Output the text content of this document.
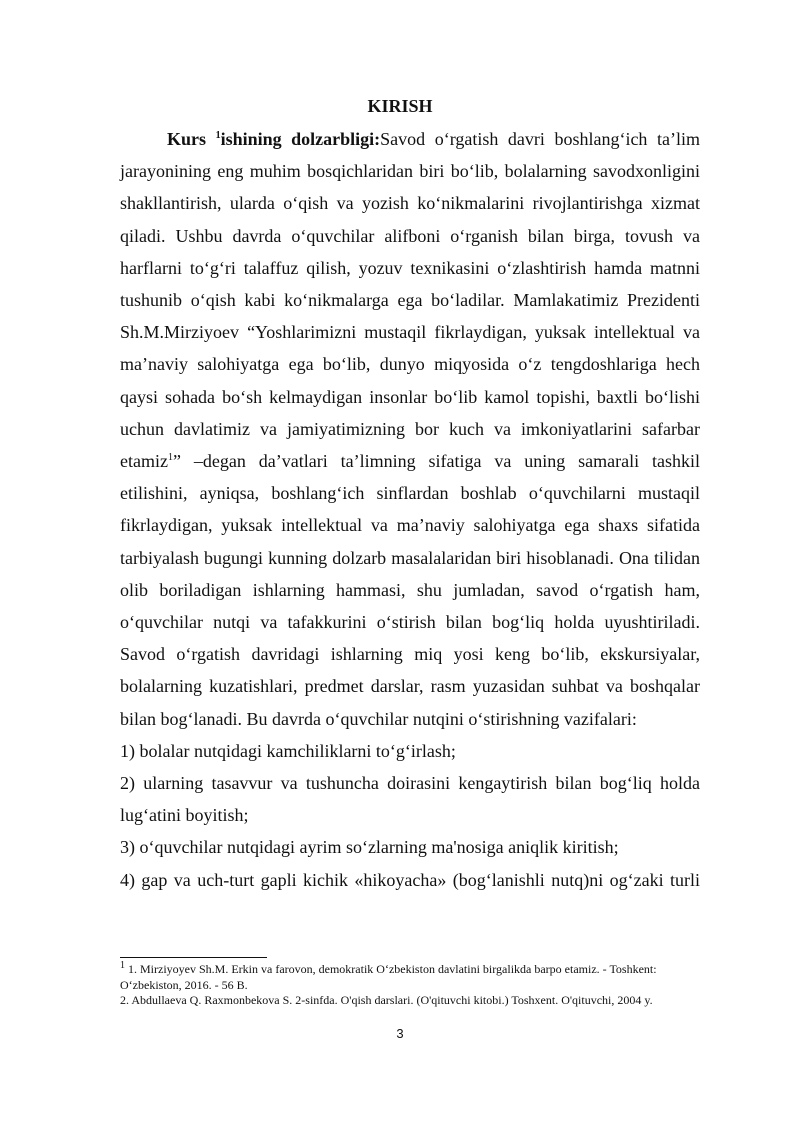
KIRISH

Kurs $^1$ishining dolzarbligi:Savod o‘rgatish davri boshlang‘ich ta’lim jarayonining eng muhim bosqichlaridan biri bo‘lib, bolalarning savodxonligini shakllantirish, ularda o‘qish va yozish ko‘nikmalarini rivojlantirishga xizmat qiladi. Ushbu davrda o‘quvchilar alifboni o‘rganish bilan birga, tovush va harflarni to‘g‘ri talaffuz qilish, yozuv texnikasini o‘zlashtirish hamda matnni tushunib o‘qish kabi ko‘nikmalarga ega bo‘ladilar. Mamlakatimiz Prezidenti Sh.M.Mirziyoev “Yoshlarimizni mustaqil fikrlaydigan, yuksak intellektual va ma’naviy salohiyatga ega bo‘lib, dunyo miqyosida o‘z tengdoshlariga hech qaysi sohada bo‘sh kelmaydigan insonlar bo‘lib kamol topishi, baxtli bo‘lishi uchun davlatimiz va jamiyatimizning bor kuch va imkoniyatlarini safarbar etamiz$^1$” –degan da’vatlari ta’limning sifatiga va uning samarali tashkil etilishini, ayniqsa, boshlang‘ich sinflardan boshlab o‘quvchilarni mustaqil fikrlaydigan, yuksak intellektual va ma’naviy salohiyatga ega shaxs sifatida tarbiyalash bugungi kunning dolzarb masalalaridan biri hisoblanadi. Ona tilidan olib boriladigan ishlarning hammasi, shu jumladan, savod o‘rgatish ham, o‘quvchilar nutqi va tafakkurini o‘stirish bilan bog‘liq holda uyushtiriladi. Savod o‘rgatish davridagi ishlarning miq yosi keng bo‘lib, ekskursiyalar, bolalarning kuzatishlari, predmet darslar, rasm yuzasidan suhbat va boshqalar bilan bog‘lanadi. Bu davrda o‘quvchilar nutqini o‘stirishning vazifalari:

1) bolalar nutqidagi kamchiliklarni to‘g‘irlash;

2) ularning tasavvur va tushuncha doirasini kengaytirish bilan bog‘liq holda lug‘atini boyitish;

3) o‘quvchilar nutqidagi ayrim so‘zlarning ma'nosiga aniqlik kiritish;

4) gap va uch-turt gapli kichik «hikoyacha» (bog‘lanishli nutq)ni og‘zaki turli

$^1$ 1. Mirziyoyev Sh.M. Erkin va farovon, demokratik O‘zbekiston davlatini birgalikda barpo etamiz. - Toshkent: O‘zbekiston, 2016. - 56 B.

2. Abdullaeva Q. Raxmonbekova S. 2-sinfda. O'qish darslari. (O'qituvchi kitobi.) Toshxent. O'qituvchi, 2004 y.

3
